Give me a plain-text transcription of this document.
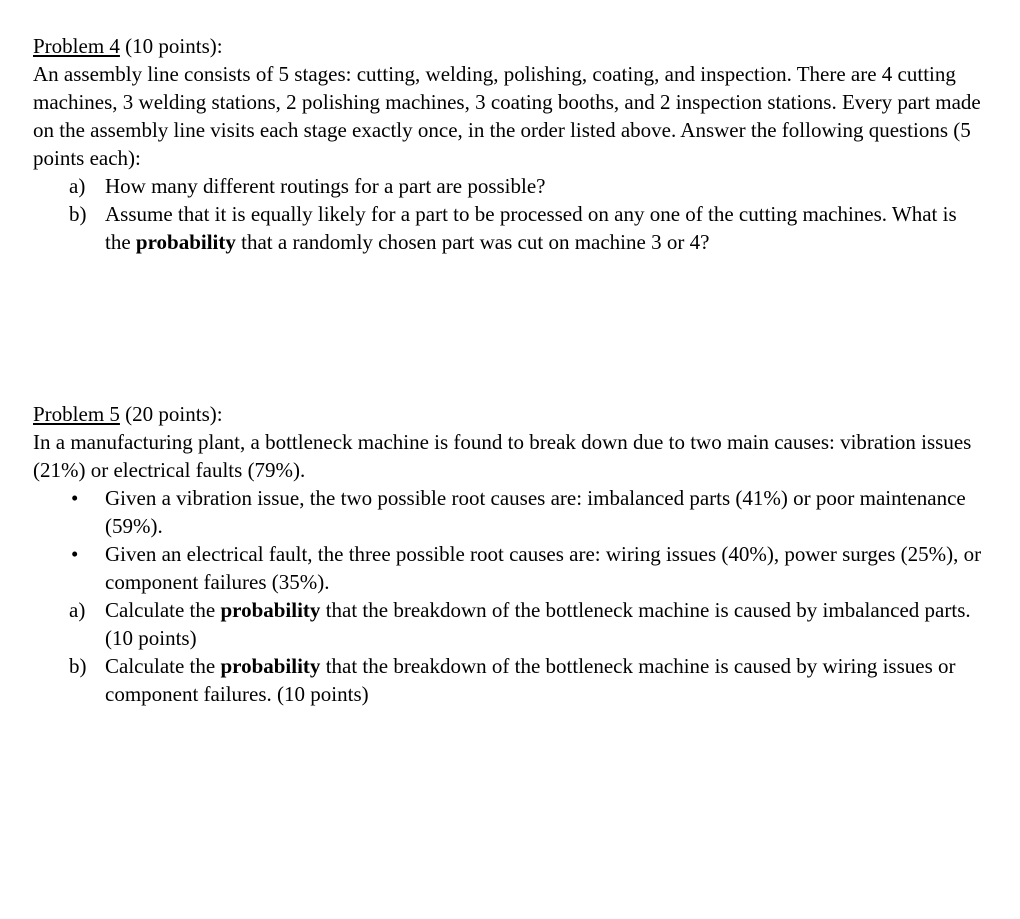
Problem 4 (10 points):

An assembly line consists of 5 stages: cutting, welding, polishing, coating, and inspection. There are 4 cutting machines, 3 welding stations, 2 polishing machines, 3 coating booths, and 2 inspection stations. Every part made on the assembly line visits each stage exactly once, in the order listed above. Answer the following questions (5 points each):

a) How many different routings for a part are possible?
b) Assume that it is equally likely for a part to be processed on any one of the cutting machines. What is the probability that a randomly chosen part was cut on machine 3 or 4?
Problem 5 (20 points):

In a manufacturing plant, a bottleneck machine is found to break down due to two main causes: vibration issues (21%) or electrical faults (79%).

• Given a vibration issue, the two possible root causes are: imbalanced parts (41%) or poor maintenance (59%).
• Given an electrical fault, the three possible root causes are: wiring issues (40%), power surges (25%), or component failures (35%).
a) Calculate the probability that the breakdown of the bottleneck machine is caused by imbalanced parts. (10 points)
b) Calculate the probability that the breakdown of the bottleneck machine is caused by wiring issues or component failures. (10 points)
